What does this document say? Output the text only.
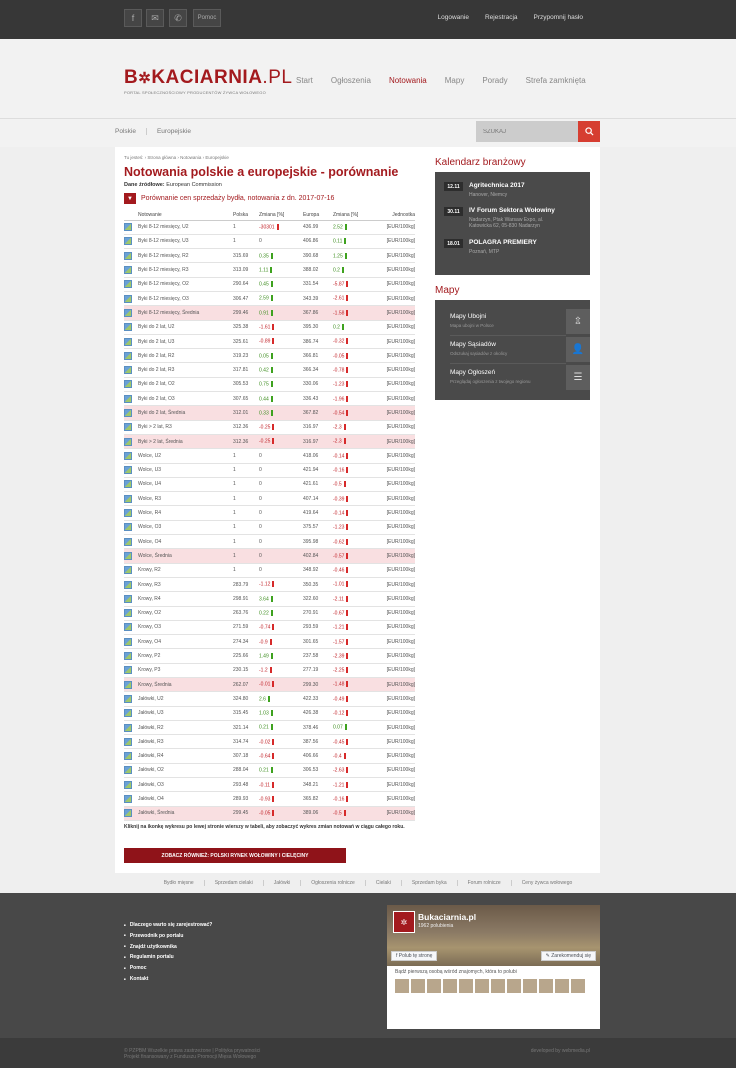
f	✉	✆	Pomoc	Logowanie Rejestracja Przypomnij hasło
B✲KACIARNIA.PL
PORTAL SPOŁECZNOŚCIOWY PRODUCENTÓW ŻYWCA WOŁOWEGO
Start Ogłoszenia Notowania Mapy Porady Strefa zamknięta
Polskie	Europejskie
SZUKAJ
Tu jesteś: › Strona główna › Notowania › Europejskie
Notowania polskie a europejskie - porównanie
Dane źródłowe: European Commission
▼	Porównanie cen sprzedaży bydła, notowania z dn. 2017-07-16
	Notowanie	Polska	Zmiana [%]	Europa	Zmiana [%]	Jednostka
	Byki 8-12 miesięcy, U2	1	-30301	436.99	2.52	[EUR/100kg]
	Byki 8-12 miesięcy, U3	1	0	406.86	0.11	[EUR/100kg]
	Byki 8-12 miesięcy, R2	315.69	0.35	390.68	1.25	[EUR/100kg]
	Byki 8-12 miesięcy, R3	313.09	1.11	388.02	0.2	[EUR/100kg]
	Byki 8-12 miesięcy, O2	290.64	0.45	331.54	-5.87	[EUR/100kg]
	Byki 8-12 miesięcy, O3	306.47	2.59	343.39	-2.61	[EUR/100kg]
	Byki 8-12 miesięcy, Średnia	299.46	0.91	367.86	-1.58	[EUR/100kg]
	Byki do 2 lat, U2	325.38	-1.61	395.30	0.2	[EUR/100kg]
	Byki do 2 lat, U3	325.61	-0.89	386.74	-0.32	[EUR/100kg]
	Byki do 2 lat, R2	319.23	0.05	366.81	-0.05	[EUR/100kg]
	Byki do 2 lat, R3	317.81	0.42	366.34	-0.78	[EUR/100kg]
	Byki do 2 lat, O2	305.53	0.75	330.06	-1.23	[EUR/100kg]
	Byki do 2 lat, O3	307.65	0.44	336.43	-1.96	[EUR/100kg]
	Byki do 2 lat, Średnia	312.01	0.33	367.82	-0.54	[EUR/100kg]
	Byki > 2 lat, R3	312.36	-0.25	316.97	-2.3	[EUR/100kg]
	Byki > 2 lat, Średnia	312.36	-0.25	316.97	-2.3	[EUR/100kg]
	Wolce, U2	1	0	418.06	-0.14	[EUR/100kg]
	Wolce, U3	1	0	421.94	-0.16	[EUR/100kg]
	Wolce, U4	1	0	421.61	-0.5	[EUR/100kg]
	Wolce, R3	1	0	407.14	-0.39	[EUR/100kg]
	Wolce, R4	1	0	419.64	-0.14	[EUR/100kg]
	Wolce, O3	1	0	375.57	-1.23	[EUR/100kg]
	Wolce, O4	1	0	395.98	-0.62	[EUR/100kg]
	Wolce, Średnia	1	0	402.84	-0.57	[EUR/100kg]
	Krowy, R2	1	0	348.92	-0.46	[EUR/100kg]
	Krowy, R3	283.79	-1.12	350.35	-1.01	[EUR/100kg]
	Krowy, R4	298.91	3.64	322.60	-2.11	[EUR/100kg]
	Krowy, O2	263.76	0.22	270.91	-0.67	[EUR/100kg]
	Krowy, O3	271.59	-0.74	293.59	-1.21	[EUR/100kg]
	Krowy, O4	274.34	-0.9	301.65	-1.57	[EUR/100kg]
	Krowy, P2	225.66	1.49	237.58	-2.39	[EUR/100kg]
	Krowy, P3	230.15	-1.2	277.19	-2.25	[EUR/100kg]
	Krowy, Średnia	262.07	-0.01	299.30	-1.48	[EUR/100kg]
	Jałówki, U2	324.80	2.6	422.33	-0.49	[EUR/100kg]
	Jałówki, U3	315.45	1.03	426.38	-0.12	[EUR/100kg]
	Jałówki, R2	321.14	0.21	378.46	0.07	[EUR/100kg]
	Jałówki, R3	314.74	-0.02	387.56	-0.45	[EUR/100kg]
	Jałówki, R4	307.18	-0.64	406.66	-0.4	[EUR/100kg]
	Jałówki, O2	288.04	0.21	306.53	-2.63	[EUR/100kg]
	Jałówki, O3	293.48	-0.11	348.21	-1.21	[EUR/100kg]
	Jałówki, O4	289.93	-0.93	365.82	-0.16	[EUR/100kg]
	Jałówki, Średnia	299.45	-0.05	389.06	-0.5	[EUR/100kg]
Kliknij na ikonkę wykresu po lewej stronie wierszy w tabeli, aby zobaczyć wykres zmian notowań w ciągu całego roku.
ZOBACZ RÓWNIEŻ: POLSKI RYNEK WOŁOWINY I CIELĘCINY
Kalendarz branżowy
12.11	Agritechnica 2017
Hanover, Niemcy
30.11	IV Forum Sektora Wołowiny
Nadarzyn, Ptak Warsaw Expo, al.
Katowicka 62, 05-830 Nadarzyn
18.01	POLAGRA PREMIERY
Poznań, MTP
Mapy
Mapy Ubojni
Mapa ubojni w Polsce	⇫
Mapy Sąsiadów
Odszukaj sąsiadów z okolicy	👤
Mapy Ogłoszeń
Przeglądaj ogłoszenia z twojego regionu	☰
Bydło mięsne	Sprzedam cielaki	Jałówki	Ogłoszenia rolnicze	Cielaki	Sprzedam byka	Forum rolnicze	Ceny żywca wołowego
■ Dlaczego warto się zarejestrować?
■ Przewodnik po portalu
■ Znajdź użytkownika
■ Regulamin portalu
■ Pomoc
■ Kontakt
✲	Bukaciarnia.pl
1962 polubienia
f Polub tę stronę	✎ Zarekomenduj się
Bądź pierwszą osobą wśród znajomych, która to polubi
© PZPBM Wszelkie prawa zastrzeżone | Polityka prywatności
Projekt finansowany z Funduszu Promocji Mięsa Wołowego
developed by webmedia.pl
